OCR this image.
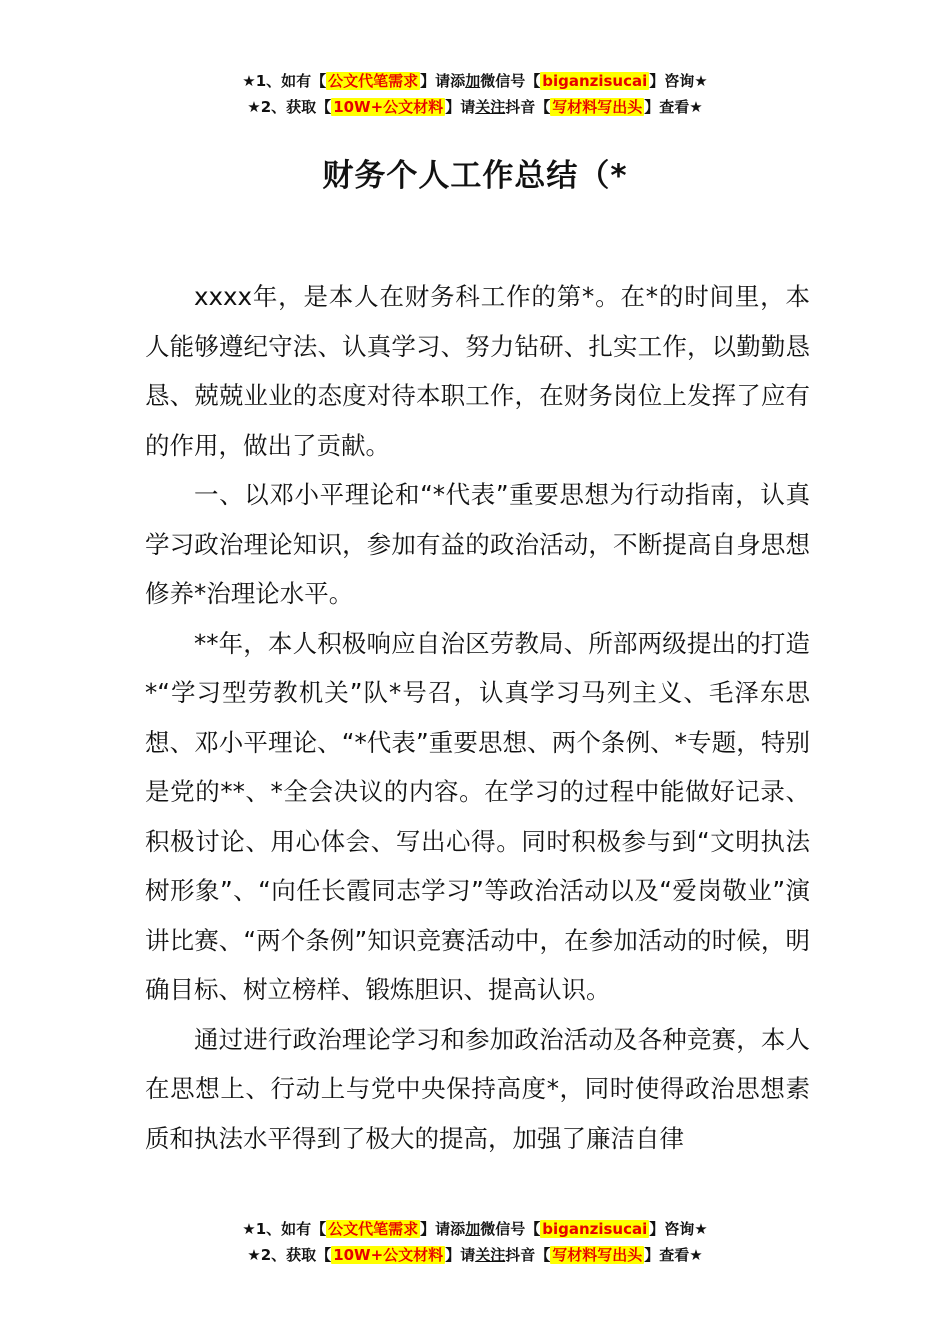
★1、如有【 公文代笔需求 】请添加微信号【 biganzisucai 】咨询★
★2、获取【 10W+公文材料 】请关注抖音【 写材料写出头 】查看★
财务个人工作总结（*

xxxx年，是本人在财务科工作的第*。在*的时间里，本人能够遵纪守法、认真学习、努力钻研、扎实工作，以勤勤恳恳、兢兢业业的态度对待本职工作，在财务岗位上发挥了应有的作用，做出了贡献。

一、以邓小平理论和“*代表”重要思想为行动指南，认真学习政治理论知识，参加有益的政治活动，不断提高自身思想修养*治理论水平。

**年，本人积极响应自治区劳教局、所部两级提出的打造*“学习型劳教机关”队*号召，认真学习马列主义、毛泽东思想、邓小平理论、“*代表”重要思想、两个条例、*专题，特别是党的**、*全会决议的内容。在学习的过程中能做好记录、积极讨论、用心体会、写出心得。同时积极参与到“文明执法树形象”、“向任长霞同志学习”等政治活动以及“爱岗敬业”演讲比赛、“两个条例”知识竞赛活动中，在参加活动的时候，明确目标、树立榜样、锻炼胆识、提高认识。

通过进行政治理论学习和参加政治活动及各种竞赛，本人在思想上、行动上与党中央保持高度*，同时使得政治思想素质和执法水平得到了极大的提高，加强了廉洁自律

★1、如有【 公文代笔需求 】请添加微信号【 biganzisucai 】咨询★
★2、获取【 10W+公文材料 】请关注抖音【 写材料写出头 】查看★
